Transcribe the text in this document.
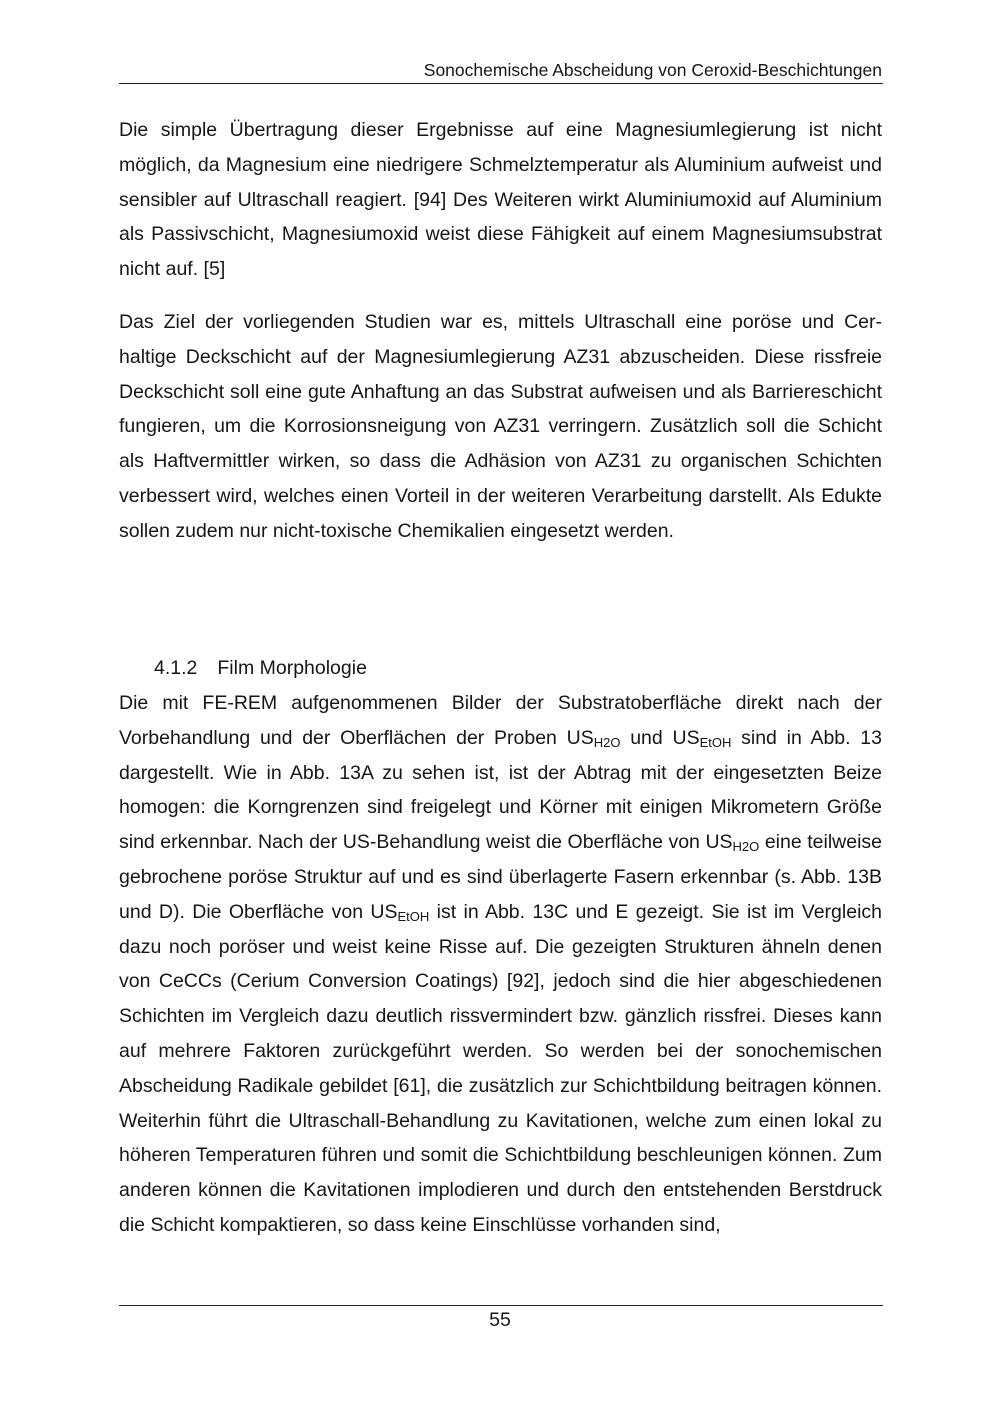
Sonochemische Abscheidung von Ceroxid-Beschichtungen

Die simple Übertragung dieser Ergebnisse auf eine Magnesiumlegierung ist nicht möglich, da Magnesium eine niedrigere Schmelztemperatur als Aluminium aufweist und sensibler auf Ultraschall reagiert. [94] Des Weiteren wirkt Aluminiumoxid auf Aluminium als Passivschicht, Magnesiumoxid weist diese Fähigkeit auf einem Magnesiumsubstrat nicht auf. [5]

Das Ziel der vorliegenden Studien war es, mittels Ultraschall eine poröse und Cer-haltige Deckschicht auf der Magnesiumlegierung AZ31 abzuscheiden. Diese rissfreie Deckschicht soll eine gute Anhaftung an das Substrat aufweisen und als Barriereschicht fungieren, um die Korrosionsneigung von AZ31 verringern. Zusätzlich soll die Schicht als Haftvermittler wirken, so dass die Adhäsion von AZ31 zu organischen Schichten verbessert wird, welches einen Vorteil in der weiteren Verarbeitung darstellt. Als Edukte sollen zudem nur nicht-toxische Chemikalien eingesetzt werden.

4.1.2 Film Morphologie

Die mit FE-REM aufgenommenen Bilder der Substratoberfläche direkt nach der Vorbehandlung und der Oberflächen der Proben $US_{H2O}$ und $US_{EtOH}$ sind in Abb. 13 dargestellt. Wie in Abb. 13A zu sehen ist, ist der Abtrag mit der eingesetzten Beize homogen: die Korngrenzen sind freigelegt und Körner mit einigen Mikrometern Größe sind erkennbar. Nach der US-Behandlung weist die Oberfläche von $US_{H2O}$ eine teilweise gebrochene poröse Struktur auf und es sind überlagerte Fasern erkennbar (s. Abb. 13B und D). Die Oberfläche von $US_{EtOH}$ ist in Abb. 13C und E gezeigt. Sie ist im Vergleich dazu noch poröser und weist keine Risse auf. Die gezeigten Strukturen ähneln denen von CeCCs (Cerium Conversion Coatings) [92], jedoch sind die hier abgeschiedenen Schichten im Vergleich dazu deutlich rissvermindert bzw. gänzlich rissfrei. Dieses kann auf mehrere Faktoren zurückgeführt werden. So werden bei der sonochemischen Abscheidung Radikale gebildet [61], die zusätzlich zur Schichtbildung beitragen können. Weiterhin führt die Ultraschall-Behandlung zu Kavitationen, welche zum einen lokal zu höheren Temperaturen führen und somit die Schichtbildung beschleunigen können. Zum anderen können die Kavitationen implodieren und durch den entstehenden Berstdruck die Schicht kompaktieren, so dass keine Einschlüsse vorhanden sind,

55
